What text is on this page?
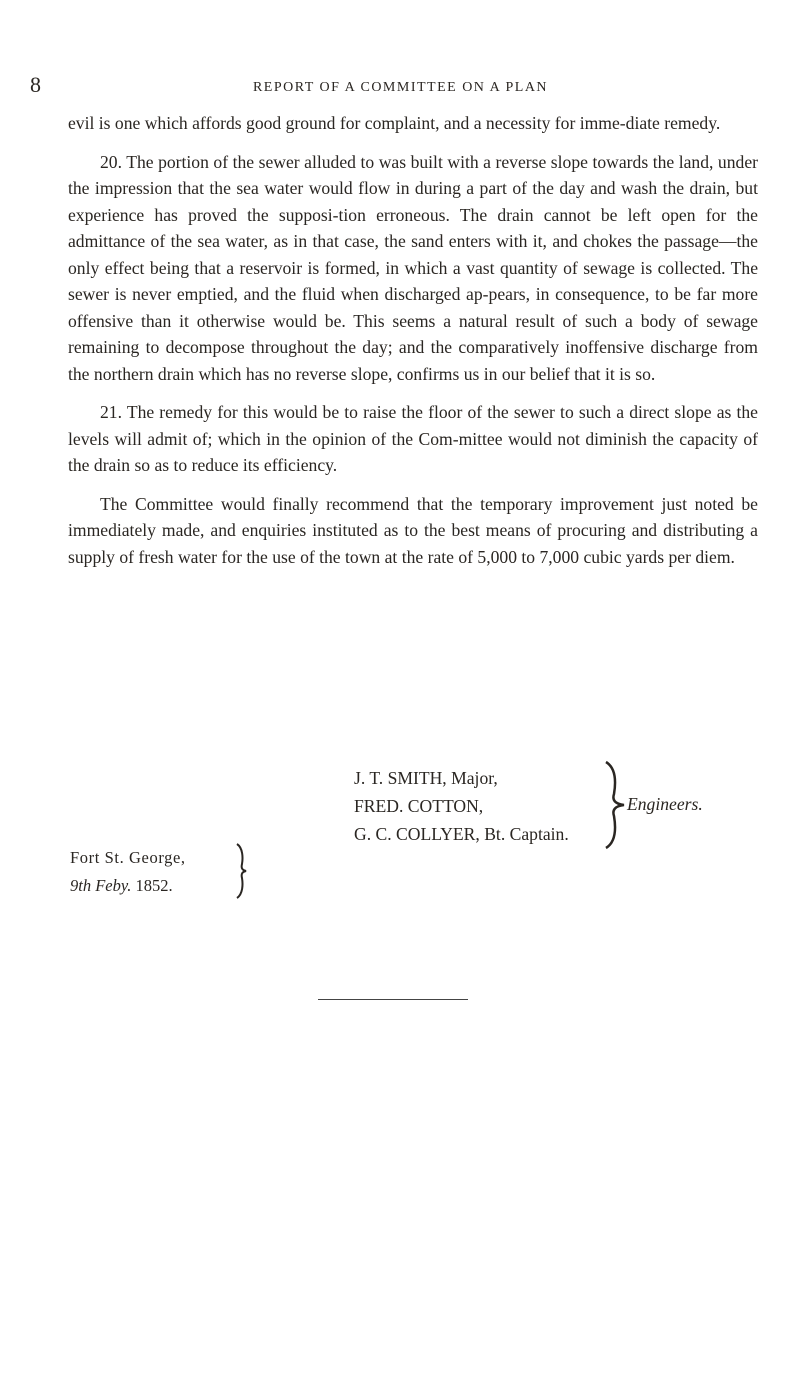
8	REPORT OF A COMMITTEE ON A PLAN

evil is one which affords good ground for complaint, and a necessity for imme-diate remedy.

20. The portion of the sewer alluded to was built with a reverse slope towards the land, under the impression that the sea water would flow in during a part of the day and wash the drain, but experience has proved the supposi-tion erroneous. The drain cannot be left open for the admittance of the sea water, as in that case, the sand enters with it, and chokes the passage—the only effect being that a reservoir is formed, in which a vast quantity of sewage is collected. The sewer is never emptied, and the fluid when discharged ap-pears, in consequence, to be far more offensive than it otherwise would be. This seems a natural result of such a body of sewage remaining to decompose throughout the day; and the comparatively inoffensive discharge from the northern drain which has no reverse slope, confirms us in our belief that it is so.

21. The remedy for this would be to raise the floor of the sewer to such a direct slope as the levels will admit of; which in the opinion of the Com-mittee would not diminish the capacity of the drain so as to reduce its efficiency.

The Committee would finally recommend that the temporary improvement just noted be immediately made, and enquiries instituted as to the best means of procuring and distributing a supply of fresh water for the use of the town at the rate of 5,000 to 7,000 cubic yards per diem.

J. T. SMITH, Major,
FRED. COTTON,
G. C. COLLYER, Bt. Captain.
Engineers.
Fort St. George,
9th Feby. 1852.
